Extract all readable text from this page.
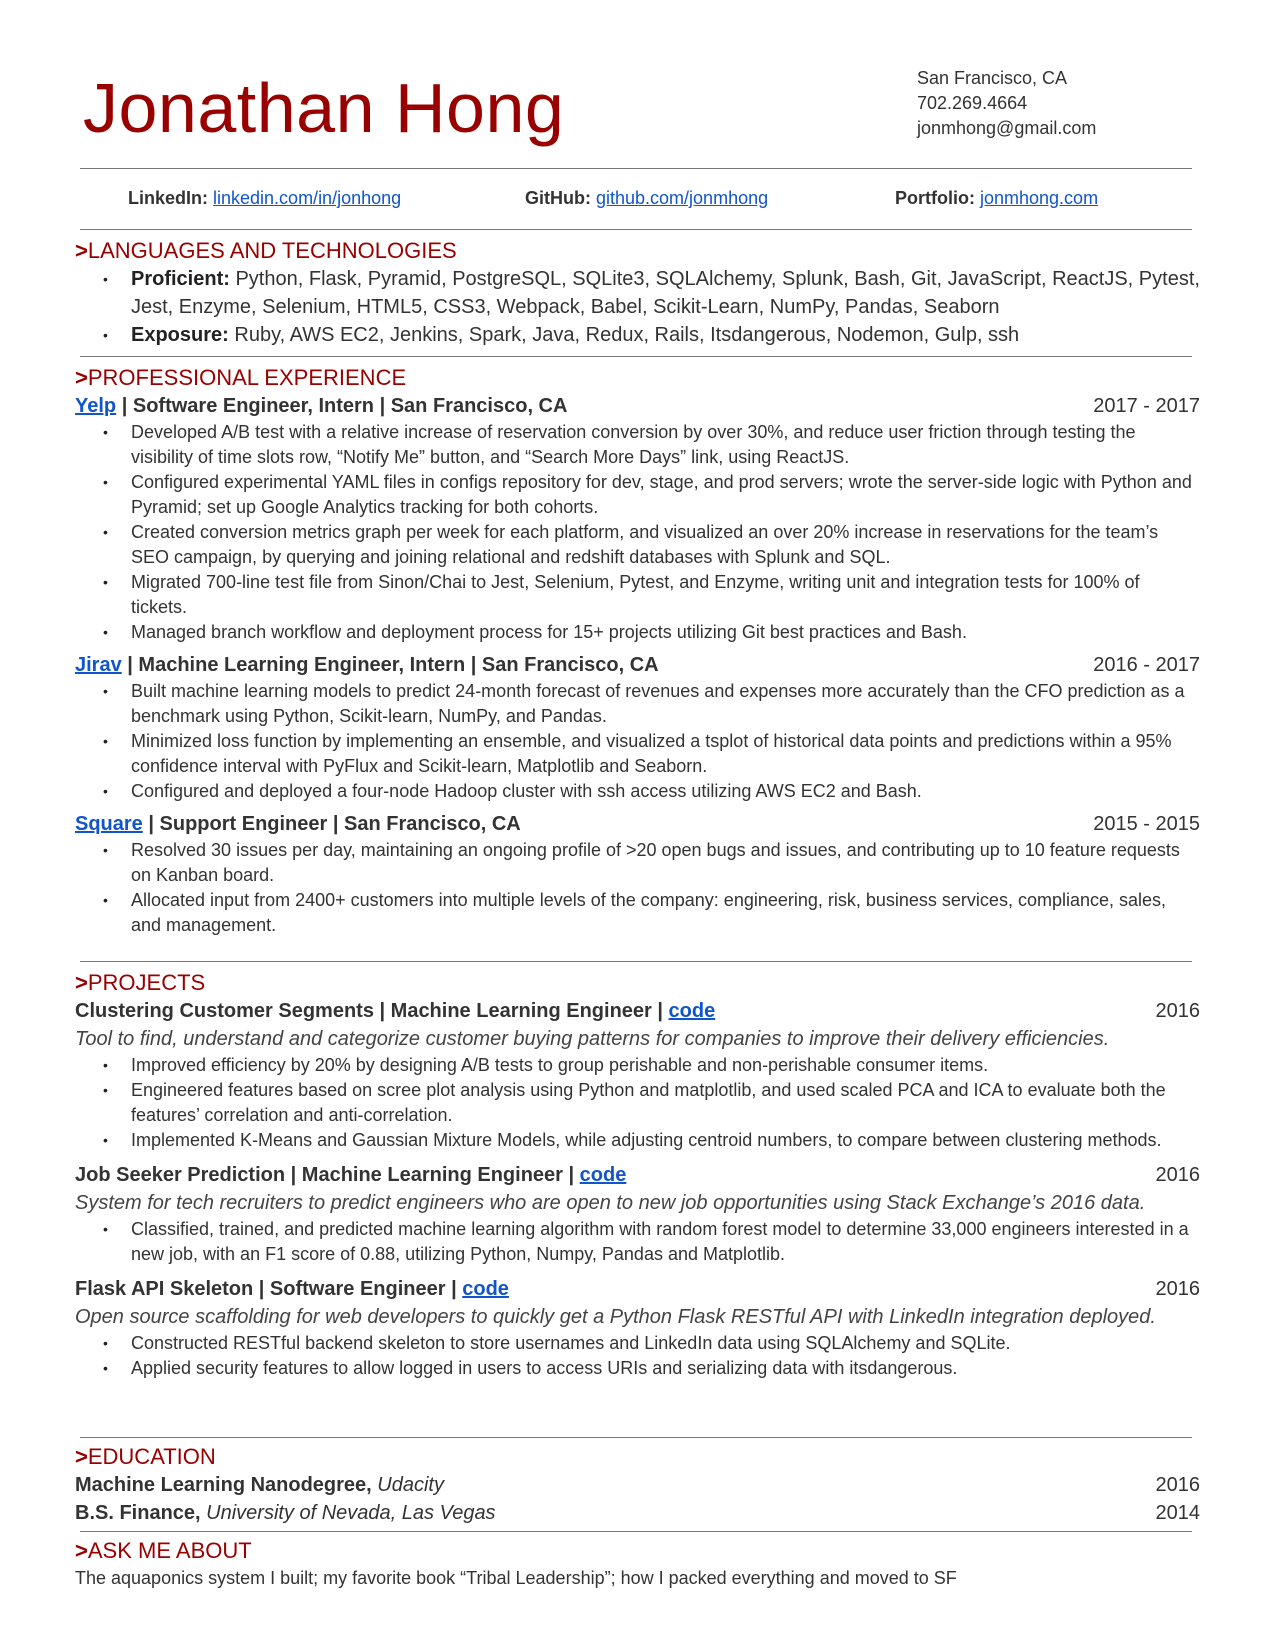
Jonathan Hong	San Francisco, CA
702.269.4664
jonmhong@gmail.com
LinkedIn: linkedin.com/in/jonhong	GitHub: github.com/jonmhong	Portfolio: jonmhong.com
>LANGUAGES AND TECHNOLOGIES
• Proficient: Python, Flask, Pyramid, PostgreSQL, SQLite3, SQLAlchemy, Splunk, Bash, Git, JavaScript, ReactJS, Pytest, Jest, Enzyme, Selenium, HTML5, CSS3, Webpack, Babel, Scikit-Learn, NumPy, Pandas, Seaborn
• Exposure: Ruby, AWS EC2, Jenkins, Spark, Java, Redux, Rails, Itsdangerous, Nodemon, Gulp, ssh
>PROFESSIONAL EXPERIENCE
Yelp | Software Engineer, Intern | San Francisco, CA	2017 - 2017
• Developed A/B test with a relative increase of reservation conversion by over 30%, and reduce user friction through testing the visibility of time slots row, “Notify Me” button, and “Search More Days” link, using ReactJS.
• Configured experimental YAML files in configs repository for dev, stage, and prod servers; wrote the server-side logic with Python and Pyramid; set up Google Analytics tracking for both cohorts.
• Created conversion metrics graph per week for each platform, and visualized an over 20% increase in reservations for the team’s SEO campaign, by querying and joining relational and redshift databases with Splunk and SQL.
• Migrated 700-line test file from Sinon/Chai to Jest, Selenium, Pytest, and Enzyme, writing unit and integration tests for 100% of tickets.
• Managed branch workflow and deployment process for 15+ projects utilizing Git best practices and Bash.
Jirav | Machine Learning Engineer, Intern | San Francisco, CA	2016 - 2017
• Built machine learning models to predict 24-month forecast of revenues and expenses more accurately than the CFO prediction as a benchmark using Python, Scikit-learn, NumPy, and Pandas.
• Minimized loss function by implementing an ensemble, and visualized a tsplot of historical data points and predictions within a 95% confidence interval with PyFlux and Scikit-learn, Matplotlib and Seaborn.
• Configured and deployed a four-node Hadoop cluster with ssh access utilizing AWS EC2 and Bash.
Square | Support Engineer | San Francisco, CA	2015 - 2015
• Resolved 30 issues per day, maintaining an ongoing profile of >20 open bugs and issues, and contributing up to 10 feature requests on Kanban board.
• Allocated input from 2400+ customers into multiple levels of the company: engineering, risk, business services, compliance, sales, and management.
>PROJECTS
Clustering Customer Segments | Machine Learning Engineer | code	2016
Tool to find, understand and categorize customer buying patterns for companies to improve their delivery efficiencies.
• Improved efficiency by 20% by designing A/B tests to group perishable and non-perishable consumer items.
• Engineered features based on scree plot analysis using Python and matplotlib, and used scaled PCA and ICA to evaluate both the features’ correlation and anti-correlation.
• Implemented K-Means and Gaussian Mixture Models, while adjusting centroid numbers, to compare between clustering methods.
Job Seeker Prediction | Machine Learning Engineer | code	2016
System for tech recruiters to predict engineers who are open to new job opportunities using Stack Exchange’s 2016 data.
• Classified, trained, and predicted machine learning algorithm with random forest model to determine 33,000 engineers interested in a new job, with an F1 score of 0.88, utilizing Python, Numpy, Pandas and Matplotlib.
Flask API Skeleton | Software Engineer | code	2016
Open source scaffolding for web developers to quickly get a Python Flask RESTful API with LinkedIn integration deployed.
• Constructed RESTful backend skeleton to store usernames and LinkedIn data using SQLAlchemy and SQLite.
• Applied security features to allow logged in users to access URIs and serializing data with itsdangerous.
>EDUCATION
Machine Learning Nanodegree, Udacity	2016
B.S. Finance, University of Nevada, Las Vegas	2014
>ASK ME ABOUT
The aquaponics system I built; my favorite book “Tribal Leadership”; how I packed everything and moved to SF
